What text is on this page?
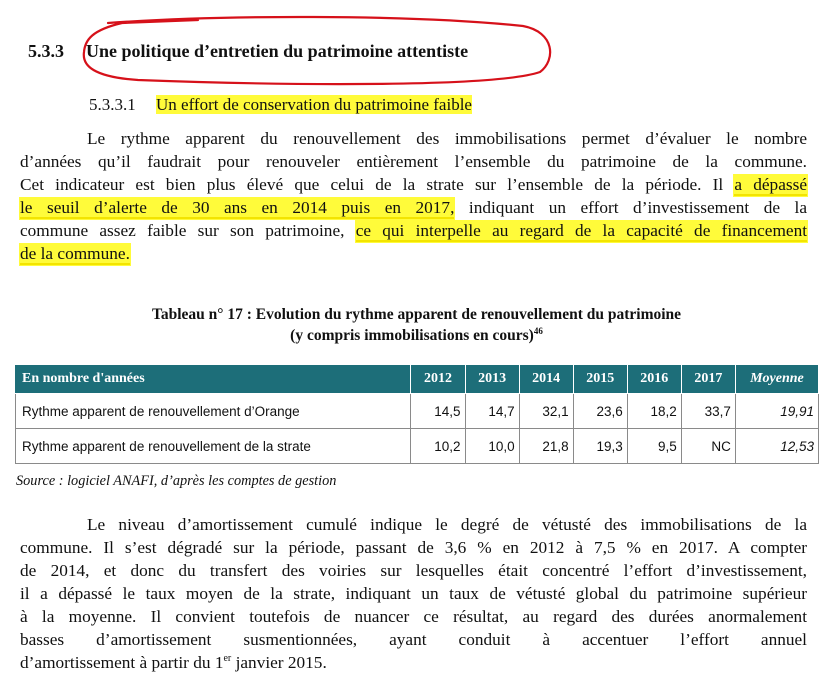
5.3.3 Une politique d’entretien du patrimoine attentiste
5.3.3.1 Un effort de conservation du patrimoine faible
Le rythme apparent du renouvellement des immobilisations permet d’évaluer le nombre
d’années qu’il faudrait pour renouveler entièrement l’ensemble du patrimoine de la commune.
Cet indicateur est bien plus élevé que celui de la strate sur l’ensemble de la période. Il a dépassé
le seuil d’alerte de 30 ans en 2014 puis en 2017, indiquant un effort d’investissement de la
commune assez faible sur son patrimoine, ce qui interpelle au regard de la capacité de financement
de la commune.
Tableau n° 17 : Evolution du rythme apparent de renouvellement du patrimoine
(y compris immobilisations en cours)$^{46}$
En nombre d'années	2012	2013	2014	2015	2016	2017	Moyenne
Rythme apparent de renouvellement d’Orange	14,5	14,7	32,1	23,6	18,2	33,7	19,91
Rythme apparent de renouvellement de la strate	10,2	10,0	21,8	19,3	9,5	NC	12,53
Source : logiciel ANAFI, d’après les comptes de gestion
Le niveau d’amortissement cumulé indique le degré de vétusté des immobilisations de la
commune. Il s’est dégradé sur la période, passant de 3,6 % en 2012 à 7,5 % en 2017. A compter
de 2014, et donc du transfert des voiries sur lesquelles était concentré l’effort d’investissement,
il a dépassé le taux moyen de la strate, indiquant un taux de vétusté global du patrimoine supérieur
à la moyenne. Il convient toutefois de nuancer ce résultat, au regard des durées anormalement
basses d’amortissement susmentionnées, ayant conduit à accentuer l’effort annuel
d’amortissement à partir du 1er janvier 2015.
